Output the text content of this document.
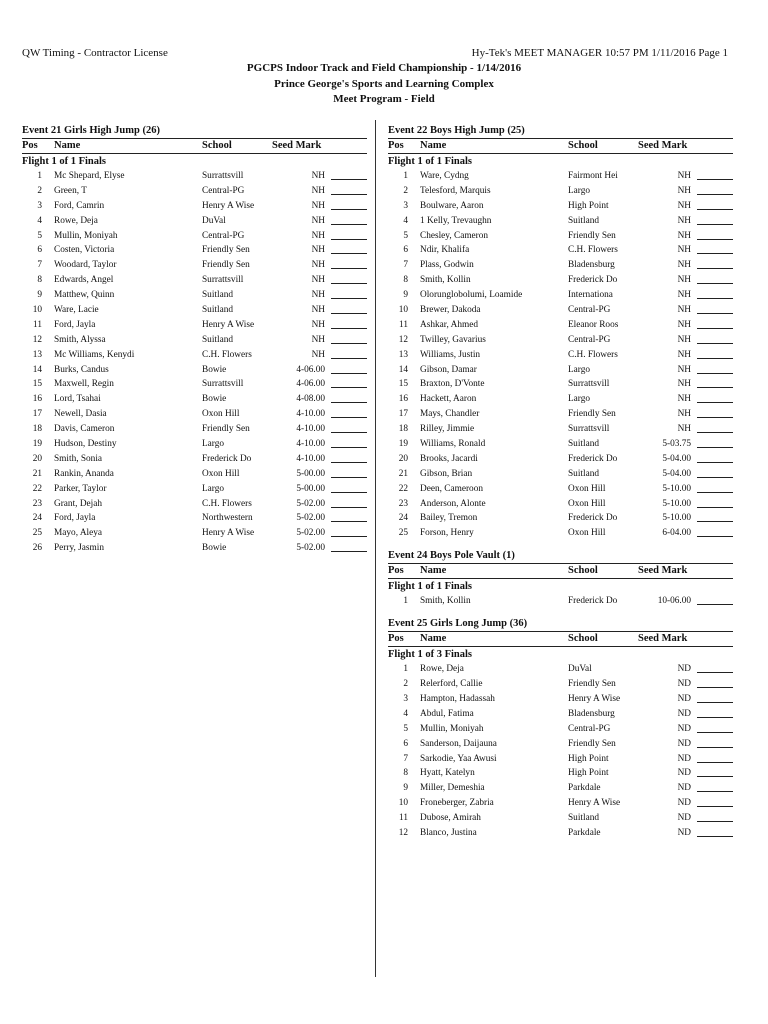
QW Timing - Contractor License	Hy-Tek's MEET MANAGER 10:57 PM 1/11/2016 Page 1
PGCPS Indoor Track and Field Championship - 1/14/2016
Prince George's Sports and Learning Complex
Meet Program - Field
Event 21 Girls High Jump (26)
Pos	Name	School	Seed Mark
Flight 1 of 1 Finals
1 Mc Shepard, Elyse	Surrattsvill	NH
2 Green, T	Central-PG	NH
3 Ford, Camrin	Henry A Wise	NH
4 Rowe, Deja	DuVal	NH
5 Mullin, Moniyah	Central-PG	NH
6 Costen, Victoria	Friendly Sen	NH
7 Woodard, Taylor	Friendly Sen	NH
8 Edwards, Angel	Surrattsvill	NH
9 Matthew, Quinn	Suitland	NH
10 Ware, Lacie	Suitland	NH
11 Ford, Jayla	Henry A Wise	NH
12 Smith, Alyssa	Suitland	NH
13 Mc Williams, Kenydi	C.H. Flowers	NH
14 Burks, Candus	Bowie	4-06.00
15 Maxwell, Regin	Surrattsvill	4-06.00
16 Lord, Tsahai	Bowie	4-08.00
17 Newell, Dasia	Oxon Hill	4-10.00
18 Davis, Cameron	Friendly Sen	4-10.00
19 Hudson, Destiny	Largo	4-10.00
20 Smith, Sonia	Frederick Do	4-10.00
21 Rankin, Ananda	Oxon Hill	5-00.00
22 Parker, Taylor	Largo	5-00.00
23 Grant, Dejah	C.H. Flowers	5-02.00
24 Ford, Jayla	Northwestern	5-02.00
25 Mayo, Aleya	Henry A Wise	5-02.00
26 Perry, Jasmin	Bowie	5-02.00
Event 22 Boys High Jump (25)
Pos	Name	School	Seed Mark
Flight 1 of 1 Finals
1 Ware, Cydng	Fairmont Hei	NH
2 Telesford, Marquis	Largo	NH
3 Boulware, Aaron	High Point	NH
4 1 Kelly, Trevaughn	Suitland	NH
5 Chesley, Cameron	Friendly Sen	NH
6 Ndir, Khalifa	C.H. Flowers	NH
7 Plass, Godwin	Bladensburg	NH
8 Smith, Kollin	Frederick Do	NH
9 Olorunglobolumi, Loamide	Internationa	NH
10 Brewer, Dakoda	Central-PG	NH
11 Ashkar, Ahmed	Eleanor Roos	NH
12 Twilley, Gavarius	Central-PG	NH
13 Williams, Justin	C.H. Flowers	NH
14 Gibson, Damar	Largo	NH
15 Braxton, D'Vonte	Surrattsvill	NH
16 Hackett, Aaron	Largo	NH
17 Mays, Chandler	Friendly Sen	NH
18 Rilley, Jimmie	Surrattsvill	NH
19 Williams, Ronald	Suitland	5-03.75
20 Brooks, Jacardi	Frederick Do	5-04.00
21 Gibson, Brian	Suitland	5-04.00
22 Deen, Cameroon	Oxon Hill	5-10.00
23 Anderson, Alonte	Oxon Hill	5-10.00
24 Bailey, Tremon	Frederick Do	5-10.00
25 Forson, Henry	Oxon Hill	6-04.00
Event 24 Boys Pole Vault (1)
Pos	Name	School	Seed Mark
Flight 1 of 1 Finals
1 Smith, Kollin	Frederick Do	10-06.00
Event 25 Girls Long Jump (36)
Pos	Name	School	Seed Mark
Flight 1 of 3 Finals
1 Rowe, Deja	DuVal	ND
2 Relerford, Callie	Friendly Sen	ND
3 Hampton, Hadassah	Henry A Wise	ND
4 Abdul, Fatima	Bladensburg	ND
5 Mullin, Moniyah	Central-PG	ND
6 Sanderson, Daijauna	Friendly Sen	ND
7 Sarkodie, Yaa Awusi	High Point	ND
8 Hyatt, Katelyn	High Point	ND
9 Miller, Demeshia	Parkdale	ND
10 Froneberger, Zabria	Henry A Wise	ND
11 Dubose, Amirah	Suitland	ND
12 Blanco, Justina	Parkdale	ND
